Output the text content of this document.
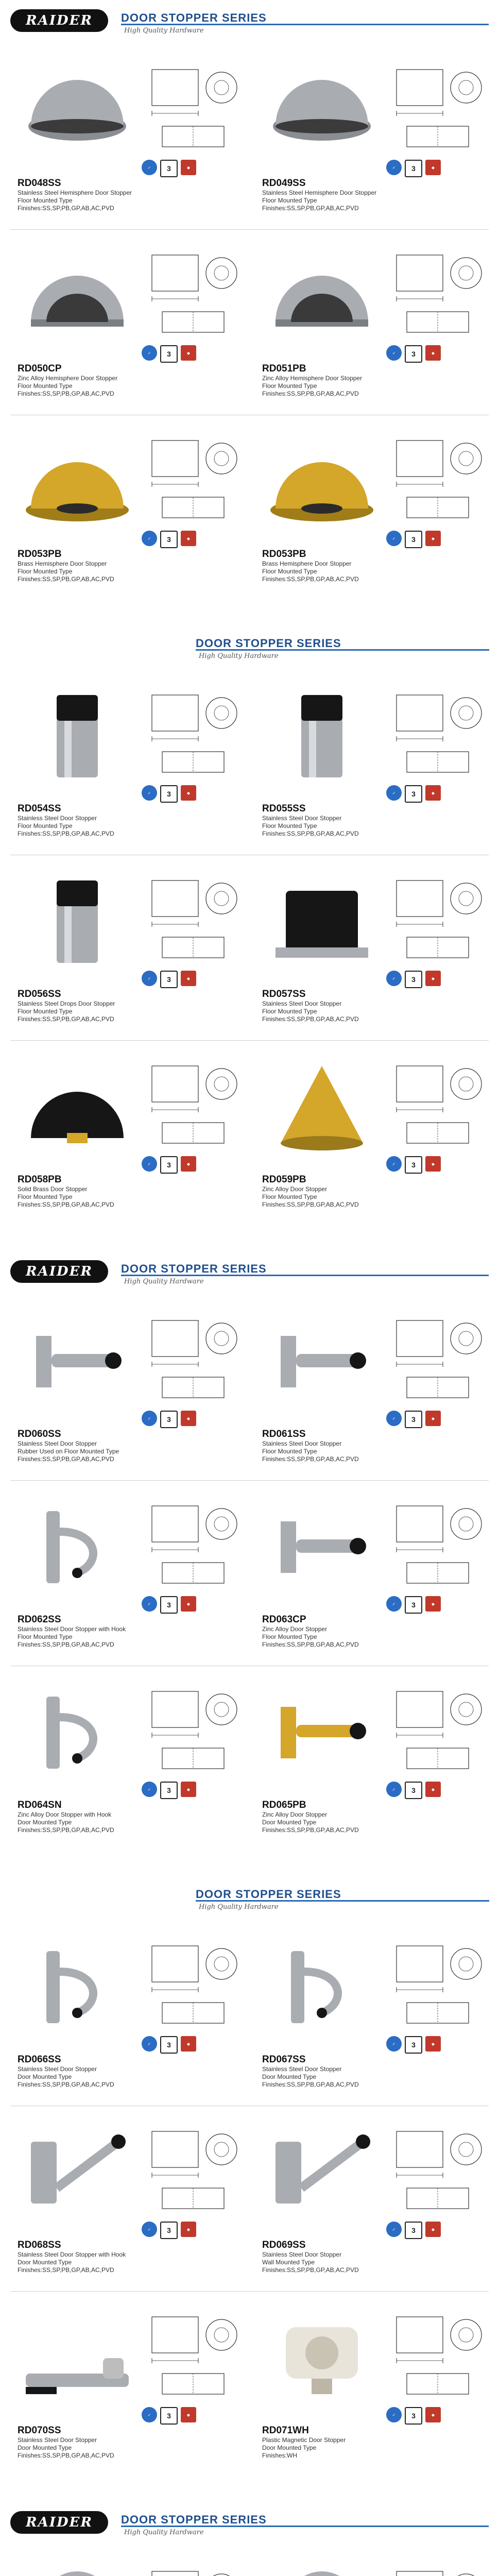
RAIDER	DOOR STOPPER SERIES
High Quality Hardware
✓	3	◆
RD048SS
Stainless Steel Hemisphere Door Stopper
Floor Mounted Type
Finishes:SS,SP,PB,GP,AB,AC,PVD
✓	3	◆
RD049SS
Stainless Steel Hemisphere Door Stopper
Floor Mounted Type
Finishes:SS,SP,PB,GP,AB,AC,PVD
✓	3	◆
RD050CP
Zinc Alloy Hemisphere Door Stopper
Floor Mounted Type
Finishes:SS,SP,PB,GP,AB,AC,PVD
✓	3	◆
RD051PB
Zinc Alloy Hemisphere Door Stopper
Floor Mounted Type
Finishes:SS,SP,PB,GP,AB,AC,PVD
✓	3	◆
RD053PB
Brass Hemisphere Door Stopper
Floor Mounted Type
Finishes:SS,SP,PB,GP,AB,AC,PVD
✓	3	◆
RD053PB
Brass Hemisphere Door Stopper
Floor Mounted Type
Finishes:SS,SP,PB,GP,AB,AC,PVD
DOOR STOPPER SERIES
High Quality Hardware
✓	3	◆
RD054SS
Stainless Steel Door Stopper
Floor Mounted Type
Finishes:SS,SP,PB,GP,AB,AC,PVD
✓	3	◆
RD055SS
Stainless Steel Door Stopper
Floor Mounted Type
Finishes:SS,SP,PB,GP,AB,AC,PVD
✓	3	◆
RD056SS
Stainless Steel Drops Door Stopper
Floor Mounted Type
Finishes:SS,SP,PB,GP,AB,AC,PVD
✓	3	◆
RD057SS
Stainless Steel Door Stopper
Floor Mounted Type
Finishes:SS,SP,PB,GP,AB,AC,PVD
✓	3	◆
RD058PB
Solid Brass Door Stopper
Floor Mounted Type
Finishes:SS,SP,PB,GP,AB,AC,PVD
✓	3	◆
RD059PB
Zinc Alloy Door Stopper
Floor Mounted Type
Finishes:SS,SP,PB,GP,AB,AC,PVD
RAIDER	DOOR STOPPER SERIES
High Quality Hardware
✓	3	◆
RD060SS
Stainless Steel Door Stopper
Rubber Used on Floor Mounted Type
Finishes:SS,SP,PB,GP,AB,AC,PVD
✓	3	◆
RD061SS
Stainless Steel Door Stopper
Floor Mounted Type
Finishes:SS,SP,PB,GP,AB,AC,PVD
✓	3	◆
RD062SS
Stainless Steel Door Stopper with Hook
Floor Mounted Type
Finishes:SS,SP,PB,GP,AB,AC,PVD
✓	3	◆
RD063CP
Zinc Alloy Door Stopper
Floor Mounted Type
Finishes:SS,SP,PB,GP,AB,AC,PVD
✓	3	◆
RD064SN
Zinc Alloy Door Stopper with Hook
Door Mounted Type
Finishes:SS,SP,PB,GP,AB,AC,PVD
✓	3	◆
RD065PB
Zinc Alloy Door Stopper
Door Mounted Type
Finishes:SS,SP,PB,GP,AB,AC,PVD
DOOR STOPPER SERIES
High Quality Hardware
✓	3	◆
RD066SS
Stainless Steel Door Stopper
Door Mounted Type
Finishes:SS,SP,PB,GP,AB,AC,PVD
✓	3	◆
RD067SS
Stainless Steel Door Stopper
Door Mounted Type
Finishes:SS,SP,PB,GP,AB,AC,PVD
✓	3	◆
RD068SS
Stainless Steel Door Stopper with Hook
Door Mounted Type
Finishes:SS,SP,PB,GP,AB,AC,PVD
✓	3	◆
RD069SS
Stainless Steel Door Stopper
Wall Mounted Type
Finishes:SS,SP,PB,GP,AB,AC,PVD
✓	3	◆
RD070SS
Stainless Steel Door Stopper
Door Mounted Type
Finishes:SS,SP,PB,GP,AB,AC,PVD
✓	3	◆
RD071WH
Plastic Magnetic Door Stopper
Door Mounted Type
Finishes:WH
RAIDER	DOOR STOPPER SERIES
High Quality Hardware
